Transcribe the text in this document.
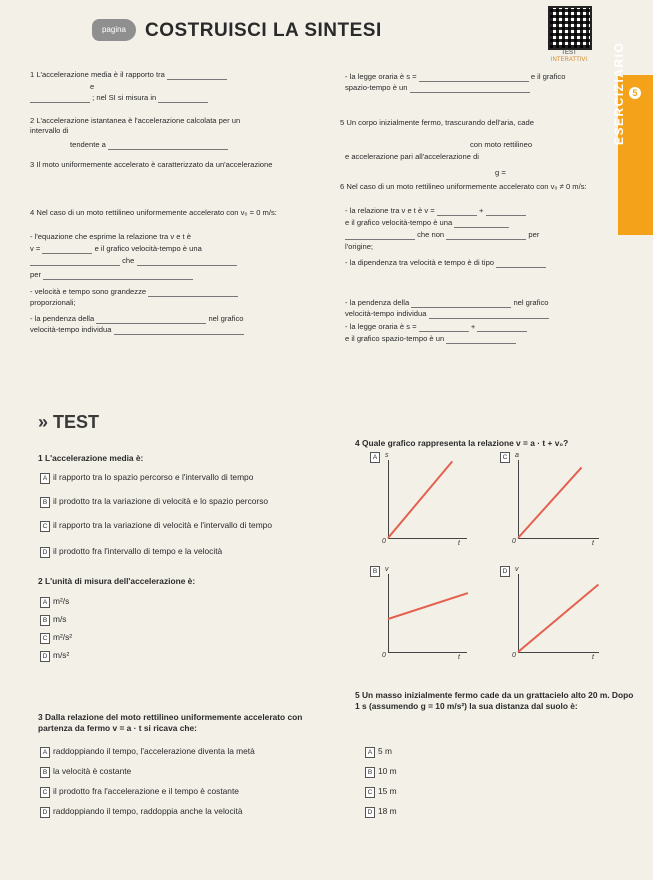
pagina COSTRUISCI LA SINTESI
TEST
INTERATTIVI
5
ESERCIZIARIO
1 L'accelerazione media è il rapporto tra
e
; nel SI si misura in
2 L'accelerazione istantanea è l'accelerazione calcolata per un intervallo di
tendente a
3 Il moto uniformemente accelerato è caratterizzato da un'accelerazione
4 Nel caso di un moto rettilineo uniformemente accelerato con v₀ = 0 m/s:
- l'equazione che esprime la relazione tra v e t è
v =	e il grafico velocità-tempo è una
che
per
- velocità e tempo sono grandezze
proporzionali;
- la pendenza della	nel grafico
velocità-tempo individua
- la legge oraria è s =	e il grafico
spazio-tempo è un
5 Un corpo inizialmente fermo, trascurando dell'aria, cade
con moto rettilineo
e accelerazione pari all'accelerazione di
g =
6 Nel caso di un moto rettilineo uniformemente accelerato con v₀ ≠ 0 m/s:
- la relazione tra v e t è v =	+
e il grafico velocità-tempo è una
che non	per
l'origine;
- la dipendenza tra velocità e tempo è di tipo
- la pendenza della	nel grafico
velocità-tempo individua
- la legge oraria è s =	+
e il grafico spazio-tempo è un
» TEST
1 L'accelerazione media è:
A il rapporto tra lo spazio percorso e l'intervallo di tempo
B il prodotto tra la variazione di velocità e lo spazio percorso
C il rapporto tra la variazione di velocità e l'intervallo di tempo
D il prodotto fra l'intervallo di tempo e la velocità
2 L'unità di misura dell'accelerazione è:
A m²/s
B m/s
C m²/s²
D m/s²
3 Dalla relazione del moto rettilineo uniformemente accelerato con partenza da fermo v = a · t si ricava che:
A raddoppiando il tempo, l'accelerazione diventa la metà
B la velocità è costante
C il prodotto fra l'accelerazione e il tempo è costante
D raddoppiando il tempo, raddoppia anche la velocità
4 Quale grafico rappresenta la relazione v = a · t + v₀?
A	s
0	t
C	a
0	t
B	v
0	t
D	v
0	t
5 Un masso inizialmente fermo cade da un grattacielo alto 20 m. Dopo 1 s (assumendo g = 10 m/s²) la sua distanza dal suolo è:
A 5 m
B 10 m
C 15 m
D 18 m
